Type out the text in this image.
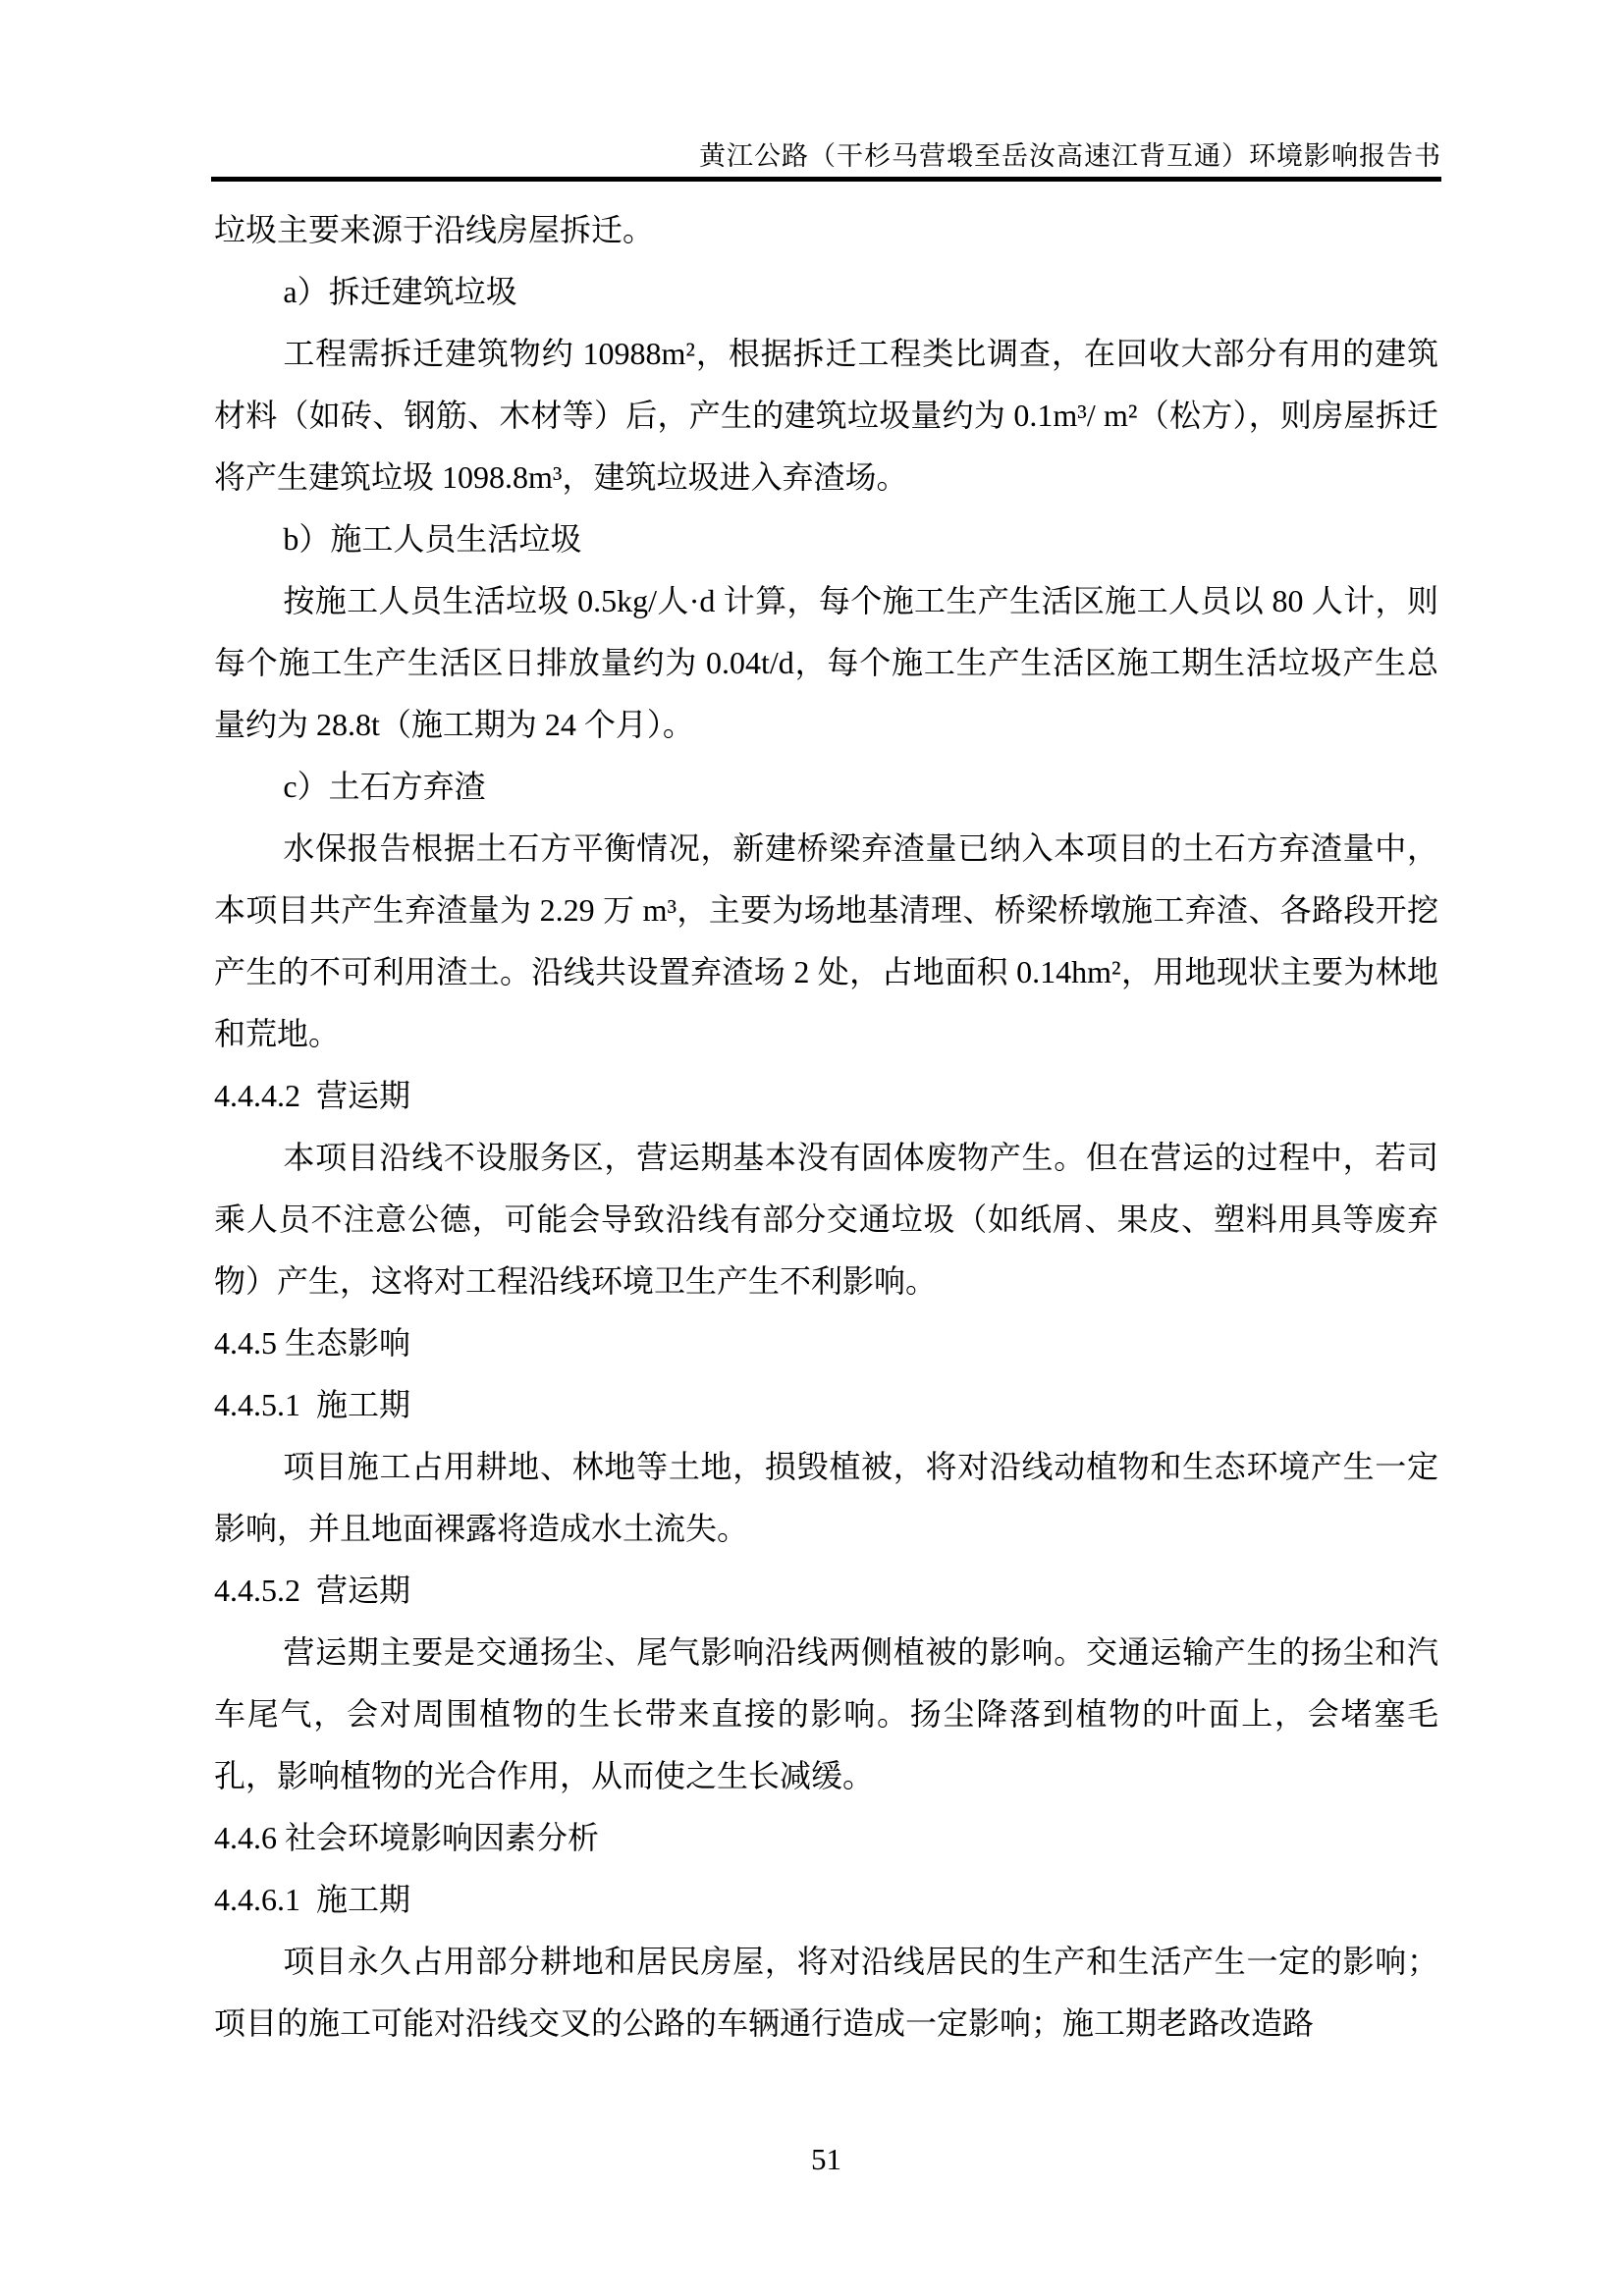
黄江公路（干杉马营塅至岳汝高速江背互通）环境影响报告书

垃圾主要来源于沿线房屋拆迁。

a）拆迁建筑垃圾

工程需拆迁建筑物约 10988m²，根据拆迁工程类比调查，在回收大部分有用的建筑材料（如砖、钢筋、木材等）后，产生的建筑垃圾量约为 0.1m³/ m²（松方），则房屋拆迁将产生建筑垃圾 1098.8m³，建筑垃圾进入弃渣场。

b）施工人员生活垃圾

按施工人员生活垃圾 0.5kg/人·d 计算，每个施工生产生活区施工人员以 80 人计，则每个施工生产生活区日排放量约为 0.04t/d，每个施工生产生活区施工期生活垃圾产生总量约为 28.8t（施工期为 24 个月）。

c）土石方弃渣

水保报告根据土石方平衡情况，新建桥梁弃渣量已纳入本项目的土石方弃渣量中，本项目共产生弃渣量为 2.29 万 m³，主要为场地基清理、桥梁桥墩施工弃渣、各路段开挖产生的不可利用渣土。沿线共设置弃渣场 2 处，占地面积 0.14hm²，用地现状主要为林地和荒地。

4.4.4.2  营运期

本项目沿线不设服务区，营运期基本没有固体废物产生。但在营运的过程中，若司乘人员不注意公德，可能会导致沿线有部分交通垃圾（如纸屑、果皮、塑料用具等废弃物）产生，这将对工程沿线环境卫生产生不利影响。

4.4.5 生态影响

4.4.5.1  施工期

项目施工占用耕地、林地等土地，损毁植被，将对沿线动植物和生态环境产生一定影响，并且地面裸露将造成水土流失。

4.4.5.2  营运期

营运期主要是交通扬尘、尾气影响沿线两侧植被的影响。交通运输产生的扬尘和汽车尾气，会对周围植物的生长带来直接的影响。扬尘降落到植物的叶面上，会堵塞毛孔，影响植物的光合作用，从而使之生长减缓。

4.4.6 社会环境影响因素分析

4.4.6.1  施工期

项目永久占用部分耕地和居民房屋，将对沿线居民的生产和生活产生一定的影响；项目的施工可能对沿线交叉的公路的车辆通行造成一定影响；施工期老路改造路

51
